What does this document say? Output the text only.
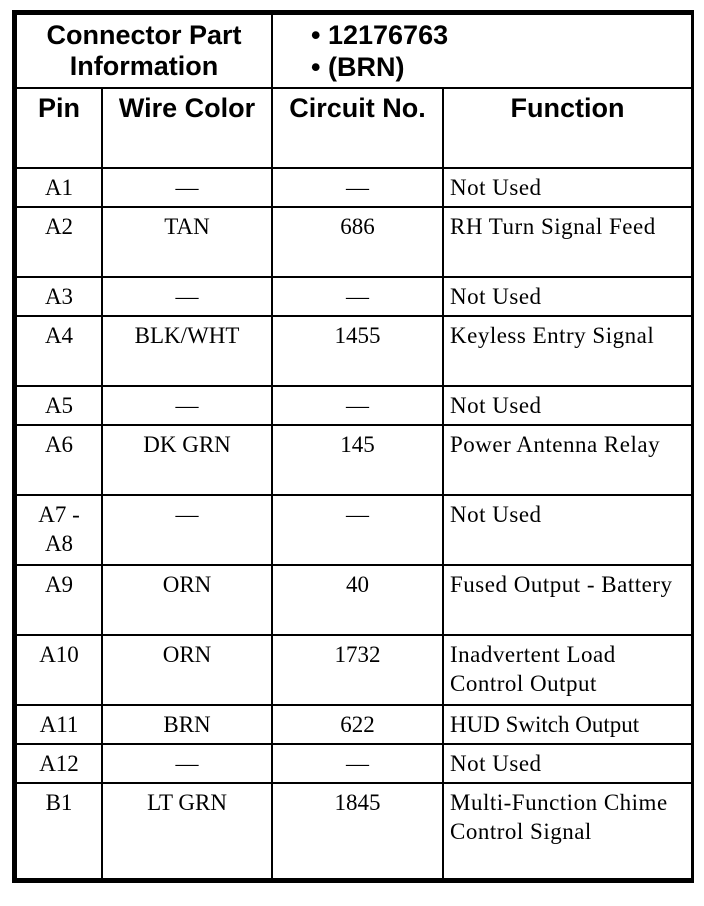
Connector Part Information		• 12176763
• (BRN)	

Pin	Wire Color	Circuit No.	Function
A1	—	—	Not Used
A2	TAN	686	RH Turn Signal Feed
A3	—	—	Not Used
A4	BLK/WHT	1455	Keyless Entry Signal
A5	—	—	Not Used
A6	DK GRN	145	Power Antenna Relay
A7 - A8	—	—	Not Used
A9	ORN	40	Fused Output - Battery
A10	ORN	1732	Inadvertent Load Control Output
A11	BRN	622	HUD Switch Output
A12	—	—	Not Used
B1	LT GRN	1845	Multi-Function Chime Control Signal
